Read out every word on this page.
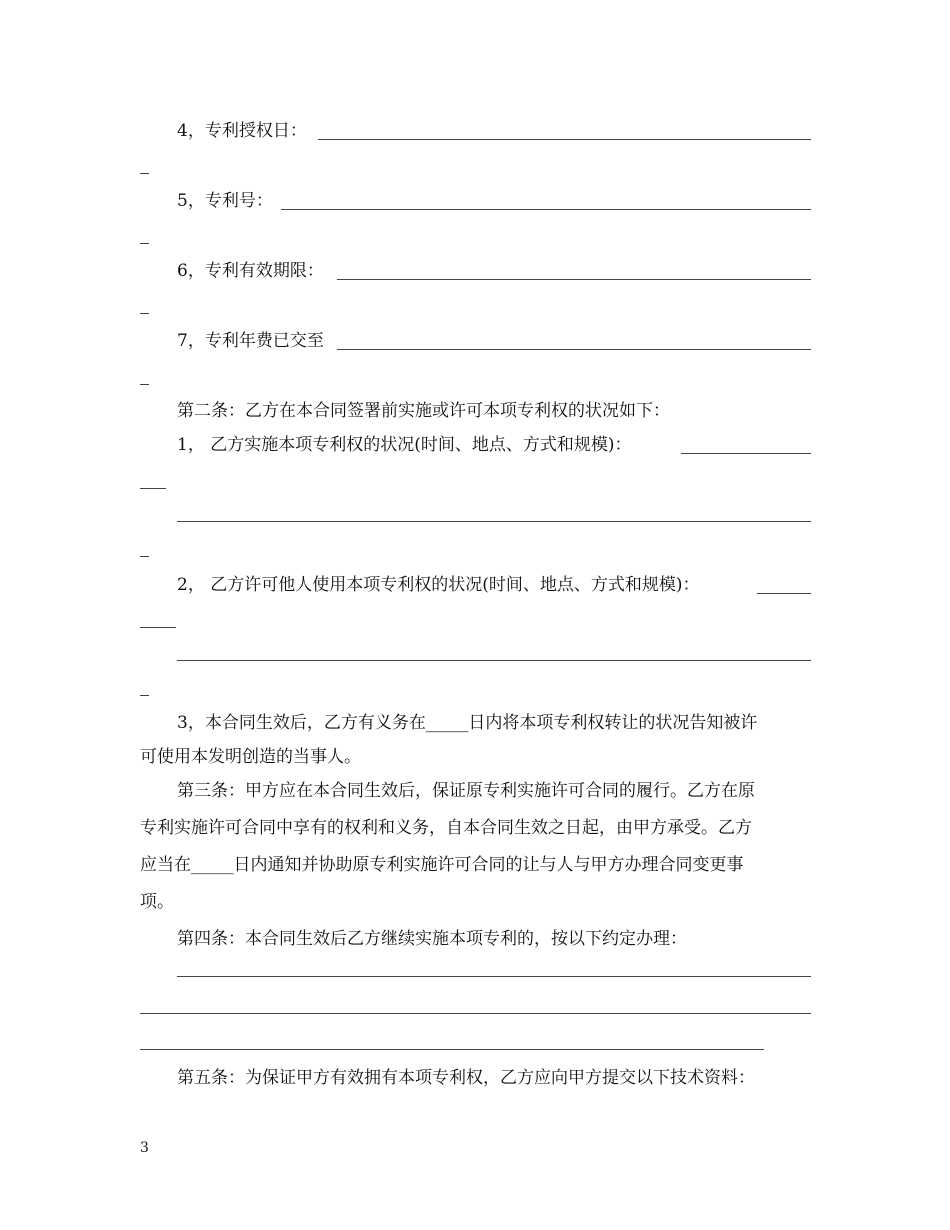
4，专利授权日：
5，专利号：
6，专利有效期限：
7，专利年费已交至
第二条：乙方在本合同签署前实施或许可本项专利权的状况如下：
1， 乙方实施本项专利权的状况(时间、地点、方式和规模)：
2， 乙方许可他人使用本项专利权的状况(时间、地点、方式和规模)：
3，本合同生效后，乙方有义务在_____日内将本项专利权转让的状况告知被许
可使用本发明创造的当事人。
第三条：甲方应在本合同生效后，保证原专利实施许可合同的履行。乙方在原
专利实施许可合同中享有的权利和义务，自本合同生效之日起，由甲方承受。乙方
应当在_____日内通知并协助原专利实施许可合同的让与人与甲方办理合同变更事
项。
第四条：本合同生效后乙方继续实施本项专利的，按以下约定办理：
第五条：为保证甲方有效拥有本项专利权，乙方应向甲方提交以下技术资料：
3
